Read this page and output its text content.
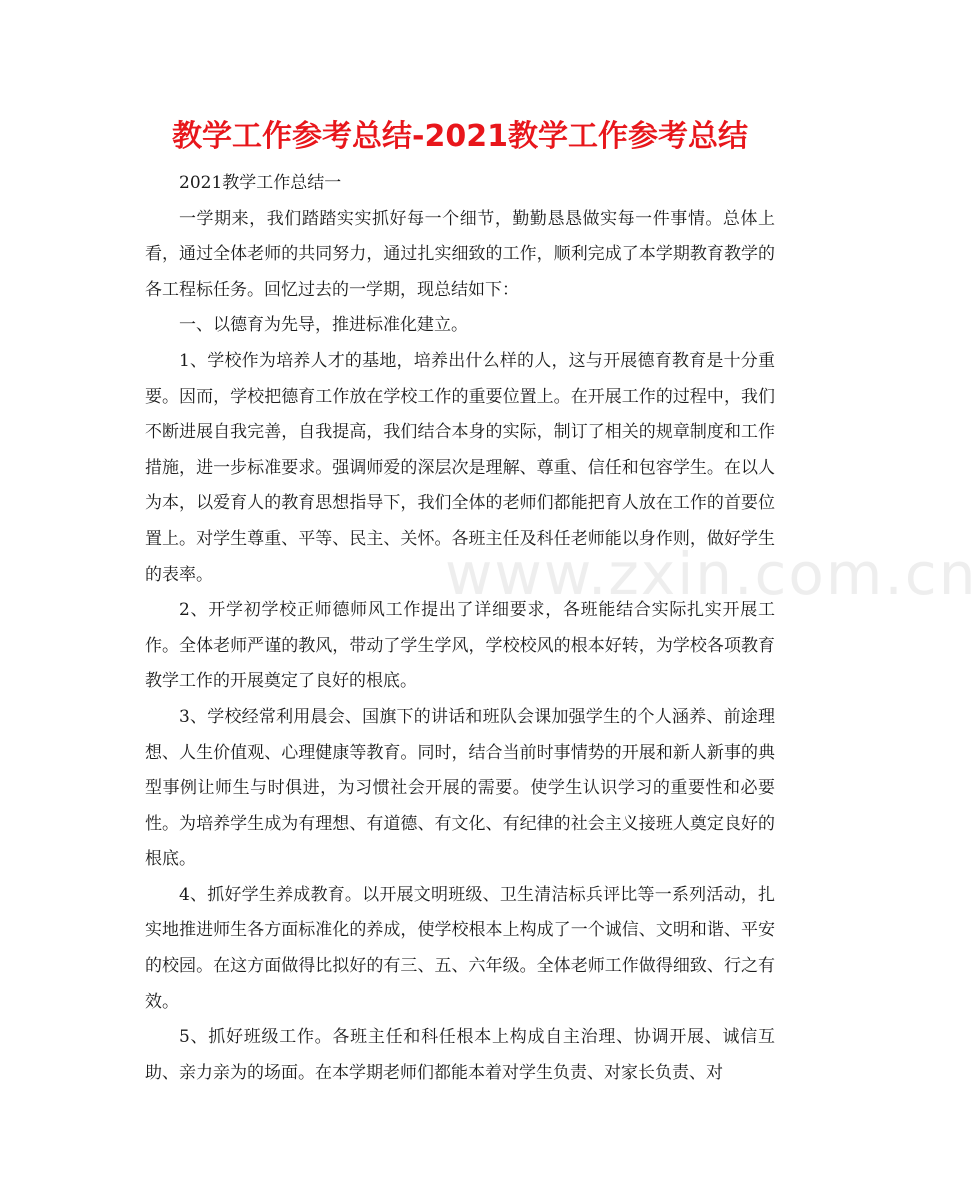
教学工作参考总结-2021教学工作参考总结

2021教学工作总结一

一学期来，我们踏踏实实抓好每一个细节，勤勤恳恳做实每一件事情。总体上看，通过全体老师的共同努力，通过扎实细致的工作，顺利完成了本学期教育教学的各工程标任务。回忆过去的一学期，现总结如下：

一、以德育为先导，推进标准化建立。

1、学校作为培养人才的基地，培养出什么样的人，这与开展德育教育是十分重要。因而，学校把德育工作放在学校工作的重要位置上。在开展工作的过程中，我们不断进展自我完善，自我提高，我们结合本身的实际，制订了相关的规章制度和工作措施，进一步标准要求。强调师爱的深层次是理解、尊重、信任和包容学生。在以人为本，以爱育人的教育思想指导下，我们全体的老师们都能把育人放在工作的首要位置上。对学生尊重、平等、民主、关怀。各班主任及科任老师能以身作则，做好学生的表率。

2、开学初学校正师德师风工作提出了详细要求，各班能结合实际扎实开展工作。全体老师严谨的教风，带动了学生学风，学校校风的根本好转，为学校各项教育教学工作的开展奠定了良好的根底。

3、学校经常利用晨会、国旗下的讲话和班队会课加强学生的个人涵养、前途理想、人生价值观、心理健康等教育。同时，结合当前时事情势的开展和新人新事的典型事例让师生与时俱进，为习惯社会开展的需要。使学生认识学习的重要性和必要性。为培养学生成为有理想、有道德、有文化、有纪律的社会主义接班人奠定良好的根底。

4、抓好学生养成教育。以开展文明班级、卫生清洁标兵评比等一系列活动，扎实地推进师生各方面标准化的养成，使学校根本上构成了一个诚信、文明和谐、平安的校园。在这方面做得比拟好的有三、五、六年级。全体老师工作做得细致、行之有效。

5、抓好班级工作。各班主任和科任根本上构成自主治理、协调开展、诚信互助、亲力亲为的场面。在本学期老师们都能本着对学生负责、对家长负责、对

www.zxin.com.cn
